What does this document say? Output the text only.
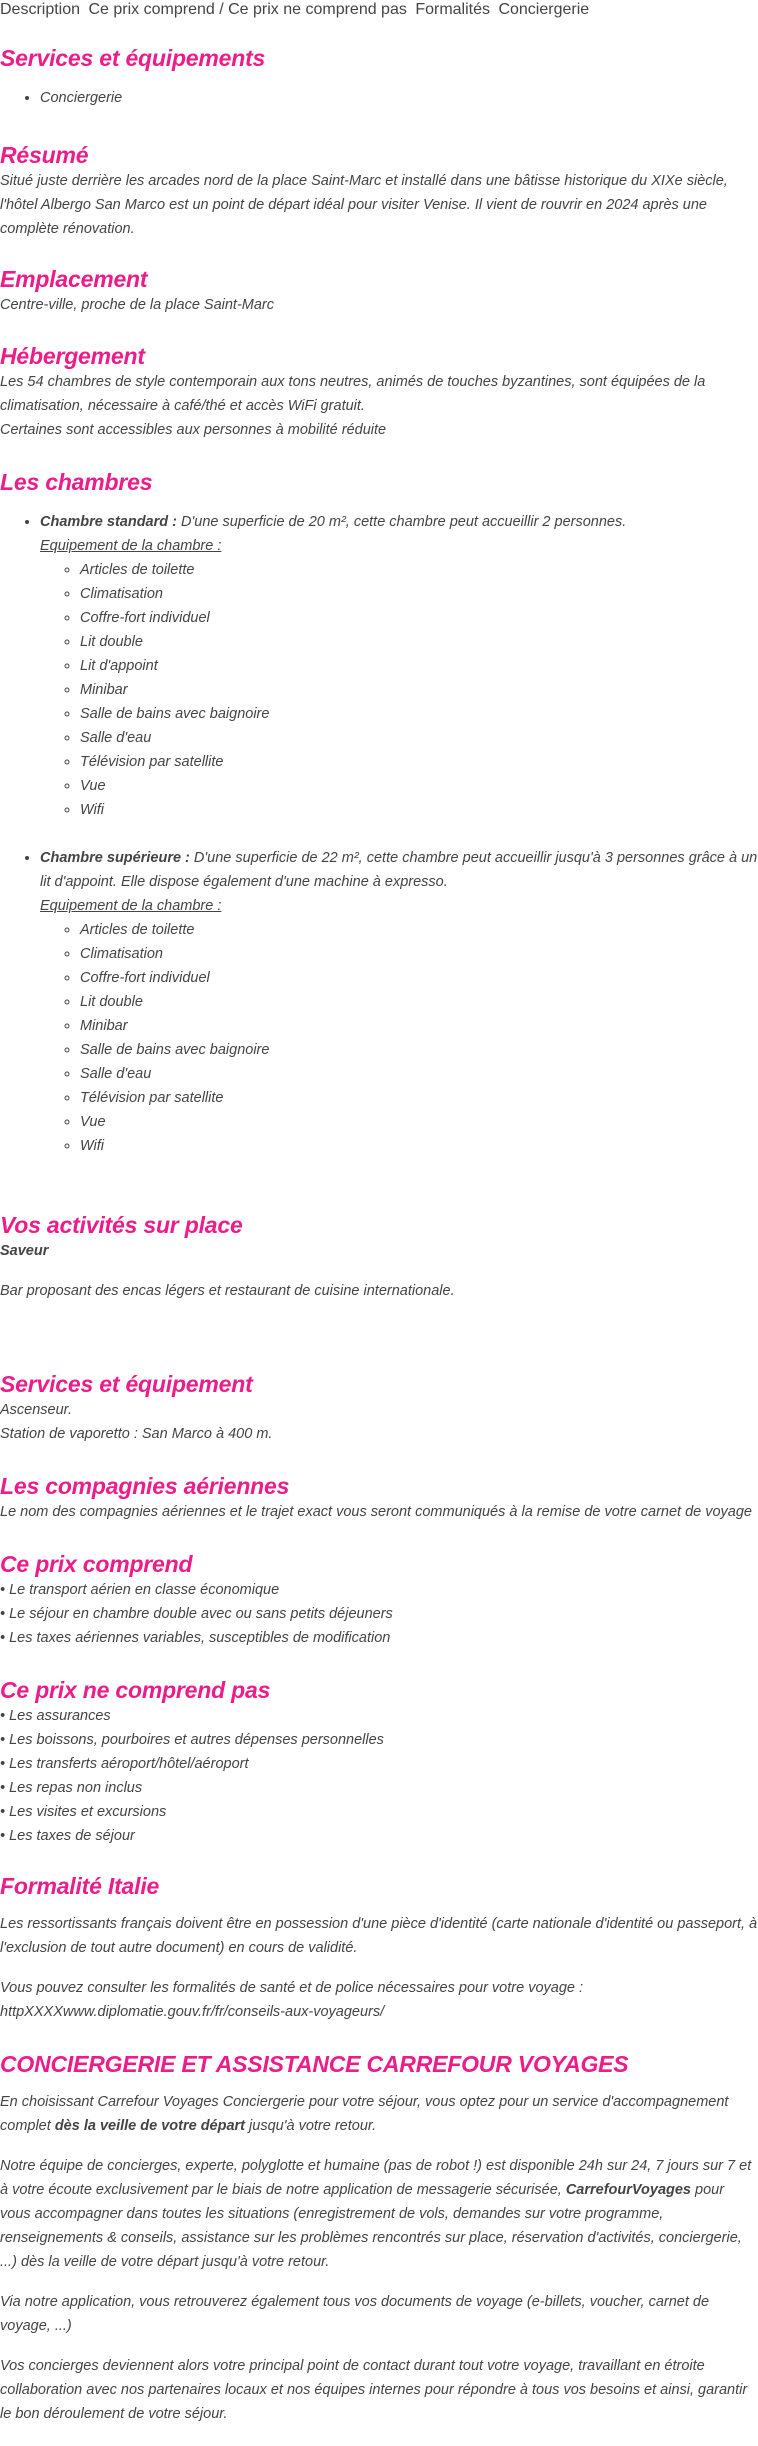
Description Ce prix comprend / Ce prix ne comprend pas Formalités Conciergerie
Services et équipements
• Conciergerie
Résumé

Situé juste derrière les arcades nord de la place Saint-Marc et installé dans une bâtisse historique du XIXe siècle, l'hôtel Albergo San Marco est un point de départ idéal pour visiter Venise. Il vient de rouvrir en 2024 après une complète rénovation.

Emplacement

Centre-ville, proche de la place Saint-Marc

Hébergement

Les 54 chambres de style contemporain aux tons neutres, animés de touches byzantines, sont équipées de la climatisation, nécessaire à café/thé et accès WiFi gratuit.

Certaines sont accessibles aux personnes à mobilité réduite

Les chambres
• Chambre standard : D'une superficie de 20 m², cette chambre peut accueillir 2 personnes.
Equipement de la chambre :
◦ Articles de toilette
◦ Climatisation
◦ Coffre-fort individuel
◦ Lit double
◦ Lit d'appoint
◦ Minibar
◦ Salle de bains avec baignoire
◦ Salle d'eau
◦ Télévision par satellite
◦ Vue
◦ Wifi
• Chambre supérieure : D'une superficie de 22 m², cette chambre peut accueillir jusqu'à 3 personnes grâce à un lit d'appoint. Elle dispose également d'une machine à expresso.
Equipement de la chambre :
◦ Articles de toilette
◦ Climatisation
◦ Coffre-fort individuel
◦ Lit double
◦ Minibar
◦ Salle de bains avec baignoire
◦ Salle d'eau
◦ Télévision par satellite
◦ Vue
◦ Wifi
Vos activités sur place

Saveur

Bar proposant des encas légers et restaurant de cuisine internationale.

Services et équipement

Ascenseur.

Station de vaporetto : San Marco à 400 m.

Les compagnies aériennes

Le nom des compagnies aériennes et le trajet exact vous seront communiqués à la remise de votre carnet de voyage

Ce prix comprend

• Le transport aérien en classe économique

• Le séjour en chambre double avec ou sans petits déjeuners

• Les taxes aériennes variables, susceptibles de modification

Ce prix ne comprend pas

• Les assurances

• Les boissons, pourboires et autres dépenses personnelles

• Les transferts aéroport/hôtel/aéroport

• Les repas non inclus

• Les visites et excursions

• Les taxes de séjour

Formalité Italie

Les ressortissants français doivent être en possession d'une pièce d'identité (carte nationale d'identité ou passeport, à l'exclusion de tout autre document) en cours de validité.

Vous pouvez consulter les formalités de santé et de police nécessaires pour votre voyage : httpXXXXwww.diplomatie.gouv.fr/fr/conseils-aux-voyageurs/

CONCIERGERIE ET ASSISTANCE CARREFOUR VOYAGES

En choisissant Carrefour Voyages Conciergerie pour votre séjour, vous optez pour un service d'accompagnement complet dès la veille de votre départ jusqu'à votre retour.

Notre équipe de concierges, experte, polyglotte et humaine (pas de robot !) est disponible 24h sur 24, 7 jours sur 7 et à votre écoute exclusivement par le biais de notre application de messagerie sécurisée, CarrefourVoyages pour vous accompagner dans toutes les situations (enregistrement de vols, demandes sur votre programme, renseignements & conseils, assistance sur les problèmes rencontrés sur place, réservation d'activités, conciergerie, ...) dès la veille de votre départ jusqu'à votre retour.

Via notre application, vous retrouverez également tous vos documents de voyage (e-billets, voucher, carnet de voyage, ...)

Vos concierges deviennent alors votre principal point de contact durant tout votre voyage, travaillant en étroite collaboration avec nos partenaires locaux et nos équipes internes pour répondre à tous vos besoins et ainsi, garantir le bon déroulement de votre séjour.
